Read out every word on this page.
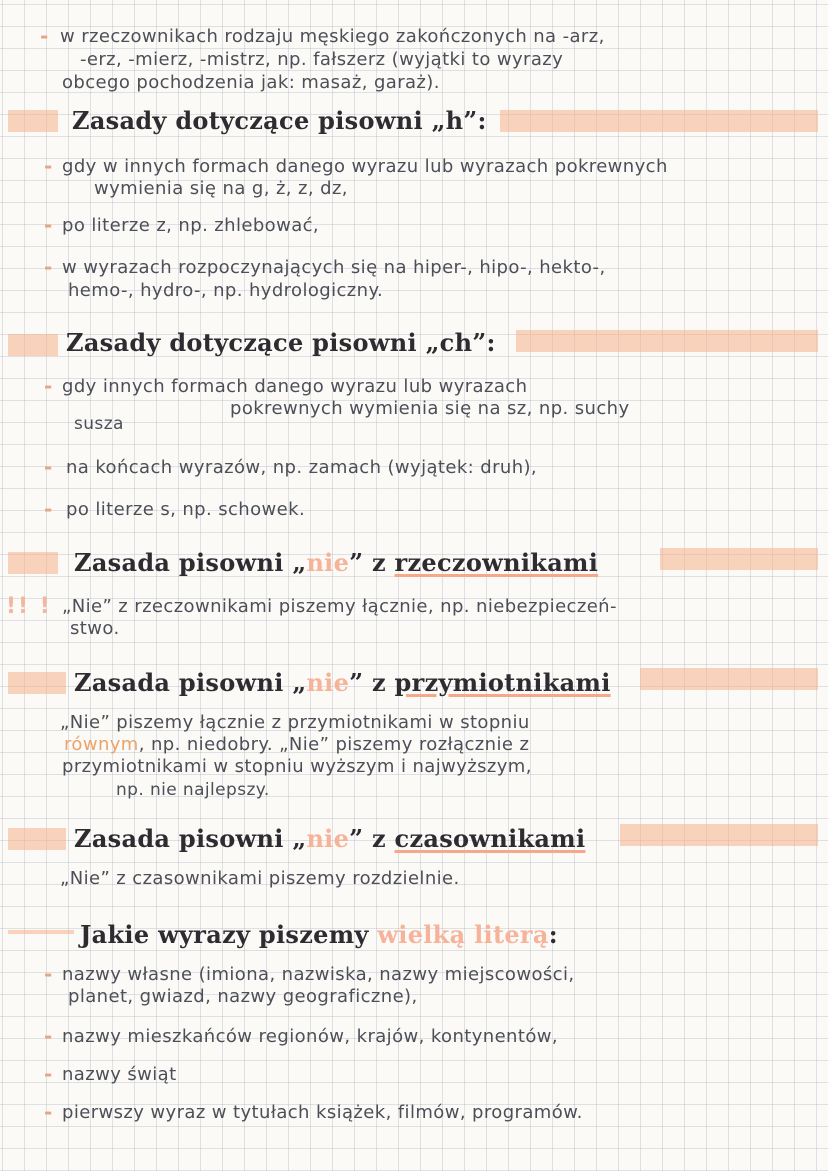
- w rzeczownikach rodzaju męskiego zakończonych na -arz,
-erz, -mierz, -mistrz, np. fałszerz (wyjątki to wyrazy
obcego pochodzenia jak: masaż, garaż).
Zasady dotyczące pisowni „h”:
- gdy w innych formach danego wyrazu lub wyrazach pokrewnych
wymienia się na g, ż, z, dz,
- po literze z, np. zhlebować,
- w wyrazach rozpoczynających się na hiper-, hipo-, hekto-,
hemo-, hydro-, np. hydrologiczny.
Zasady dotyczące pisowni „ch”:
- gdy innych formach danego wyrazu lub wyrazach
pokrewnych wymienia się na sz, np. suchy
susza
- na końcach wyrazów, np. zamach (wyjątek: druh),
- po literze s, np. schowek.
Zasada pisowni „nie” z rzeczownikami
!! ! „Nie” z rzeczownikami piszemy łącznie, np. niebezpieczeń-
stwo.
Zasada pisowni „nie” z przymiotnikami
„Nie” piszemy łącznie z przymiotnikami w stopniu
równym, np. niedobry. „Nie” piszemy rozłącznie z
przymiotnikami w stopniu wyższym i najwyższym,
np. nie najlepszy.
Zasada pisowni „nie” z czasownikami
„Nie” z czasownikami piszemy rozdzielnie.
Jakie wyrazy piszemy wielką literą:
- nazwy własne (imiona, nazwiska, nazwy miejscowości,
planet, gwiazd, nazwy geograficzne),
- nazwy mieszkańców regionów, krajów, kontynentów,
- nazwy świąt
- pierwszy wyraz w tytułach książek, filmów, programów.
